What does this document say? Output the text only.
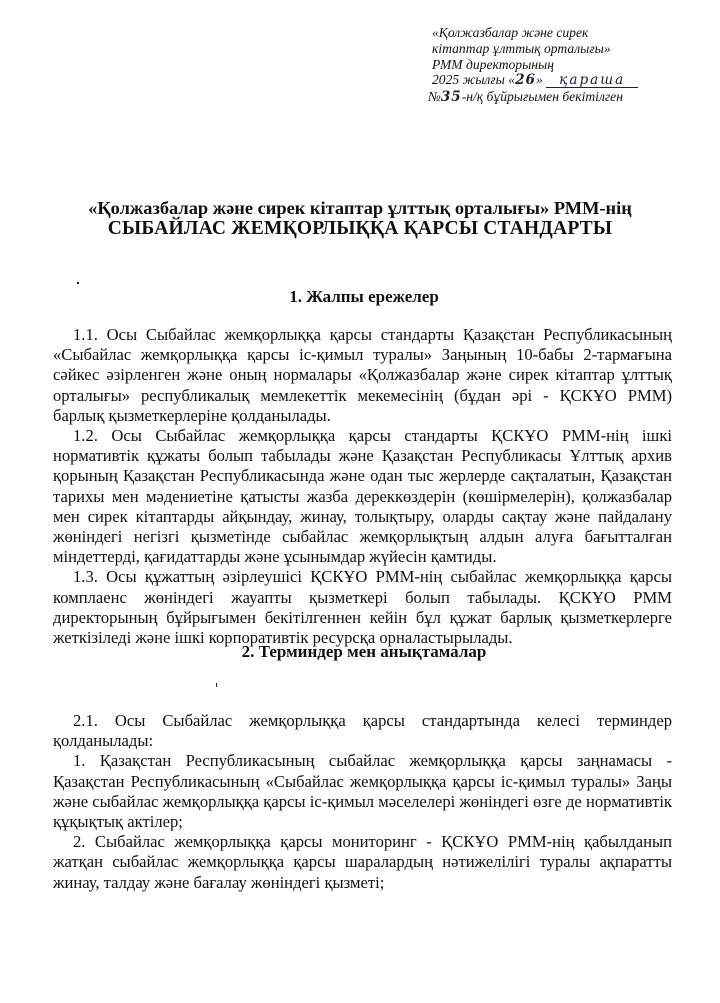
«Қолжазбалар және сирек
кітаптар ұлттық орталығы»
РММ директорының
2025 жылғы «26» қараша
№35-н/қ бұйрығымен бекітілген
«Қолжазбалар және сирек кітаптар ұлттық орталығы» РММ-нің
СЫБАЙЛАС ЖЕМҚОРЛЫҚҚА ҚАРСЫ СТАНДАРТЫ
1. Жалпы ережелер

1.1. Осы Сыбайлас жемқорлыққа қарсы стандарты Қазақстан Республикасының «Сыбайлас жемқорлыққа қарсы іс-қимыл туралы» Заңының 10-бабы 2-тармағына сәйкес әзірленген және оның нормалары «Қолжазбалар және сирек кітаптар ұлттық орталығы» республикалық мемлекеттік мекемесінің (бұдан әрі - ҚСКҰО РММ) барлық қызметкерлеріне қолданылады.

1.2. Осы Сыбайлас жемқорлыққа қарсы стандарты ҚСКҰО РММ-нің ішкі нормативтік құжаты болып табылады және Қазақстан Республикасы Ұлттық архив қорының Қазақстан Республикасында және одан тыс жерлерде сақталатын, Қазақстан тарихы мен мәдениетіне қатысты жазба дереккөздерін (көшірмелерін), қолжазбалар мен сирек кітаптарды айқындау, жинау, толықтыру, оларды сақтау және пайдалану жөніндегі негізгі қызметінде сыбайлас жемқорлықтың алдын алуға бағытталған міндеттерді, қағидаттарды және ұсынымдар жүйесін қамтиды.

1.3. Осы құжаттың әзірлеушісі ҚСКҰО РММ-нің сыбайлас жемқорлыққа қарсы комплаенс жөніндегі жауапты қызметкері болып табылады. ҚСКҰО РММ директорының бұйрығымен бекітілгеннен кейін бұл құжат барлық қызметкерлерге жеткізіледі және ішкі корпоративтік ресурсқа орналастырылады.

2. Терминдер мен анықтамалар

2.1. Осы Сыбайлас жемқорлыққа қарсы стандартында келесі терминдер қолданылады:

1. Қазақстан Республикасының сыбайлас жемқорлыққа қарсы заңнамасы - Қазақстан Республикасының «Сыбайлас жемқорлыққа қарсы іс-қимыл туралы» Заңы және сыбайлас жемқорлыққа қарсы іс-қимыл мәселелері жөніндегі өзге де нормативтік құқықтық актілер;

2. Сыбайлас жемқорлыққа қарсы мониторинг - ҚСКҰО РММ-нің қабылданып жатқан сыбайлас жемқорлыққа қарсы шаралардың нәтижелілігі туралы ақпаратты жинау, талдау және бағалау жөніндегі қызметі;
